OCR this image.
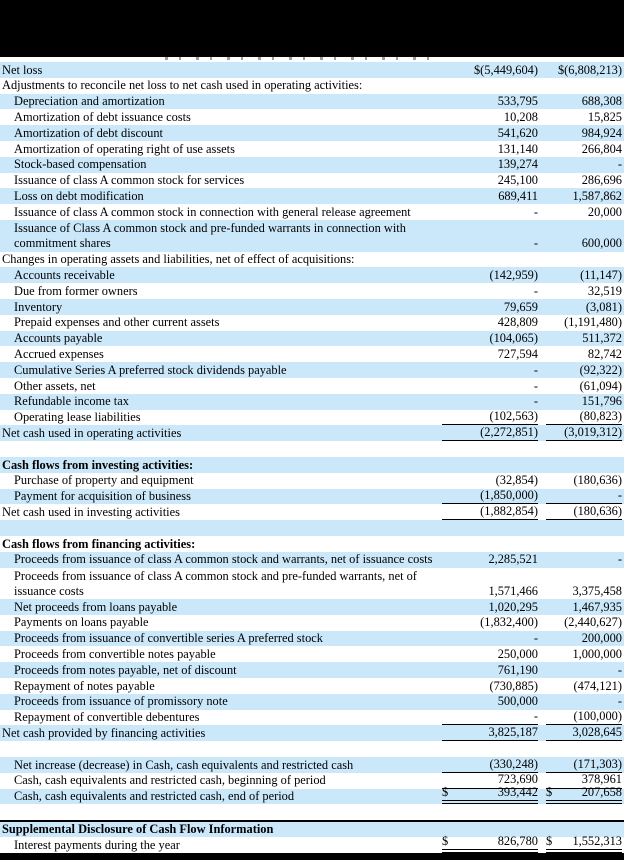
Net loss	$(5,449,604) $(6,808,213)
Adjustments to reconcile net loss to net cash used in operating activities:
Depreciation and amortization	533,795	688,308
Amortization of debt issuance costs	10,208	15,825
Amortization of debt discount	541,620	984,924
Amortization of operating right of use assets	131,140	266,804
Stock-based compensation	139,274	-
Issuance of class A common stock for services	245,100	286,696
Loss on debt modification	689,411	1,587,862
Issuance of class A common stock in connection with general release agreement	-	20,000
Issuance of Class A common stock and pre-funded warrants in connection with
commitment shares	-	600,000
Changes in operating assets and liabilities, net of effect of acquisitions:
Accounts receivable	(142,959)	(11,147)
Due from former owners	-	32,519
Inventory	79,659	(3,081)
Prepaid expenses and other current assets	428,809 (1,191,480)
Accounts payable	(104,065)	511,372
Accrued expenses	727,594	82,742
Cumulative Series A preferred stock dividends payable	-	(92,322)
Other assets, net	-	(61,094)
Refundable income tax	-	151,796
Operating lease liabilities	(102,563)	(80,823)
Net cash used in operating activities	(2,272,851) (3,019,312)
Cash flows from investing activities:
Purchase of property and equipment	(32,854)	(180,636)
Payment for acquisition of business	(1,850,000)	-
Net cash used in investing activities	(1,882,854)	(180,636)
Cash flows from financing activities:
Proceeds from issuance of class A common stock and warrants, net of issuance costs	2,285,521	-
Proceeds from issuance of class A common stock and pre-funded warrants, net of
issuance costs	1,571,466	3,375,458
Net proceeds from loans payable	1,020,295	1,467,935
Payments on loans payable	(1,832,400) (2,440,627)
Proceeds from issuance of convertible series A preferred stock	-	200,000
Proceeds from convertible notes payable	250,000	1,000,000
Proceeds from notes payable, net of discount	761,190	-
Repayment of notes payable	(730,885)	(474,121)
Proceeds from issuance of promissory note	500,000	-
Repayment of convertible debentures	-	(100,000)
Net cash provided by financing activities	3,825,187	3,028,645
Net increase (decrease) in Cash, cash equivalents and restricted cash	(330,248)	(171,303)
Cash, cash equivalents and restricted cash, beginning of period	723,690	378,961
Cash, cash equivalents and restricted cash, end of period	$	393,442 $ 207,658
Supplemental Disclosure of Cash Flow Information
Interest payments during the year	$	826,780 $ 1,552,313
